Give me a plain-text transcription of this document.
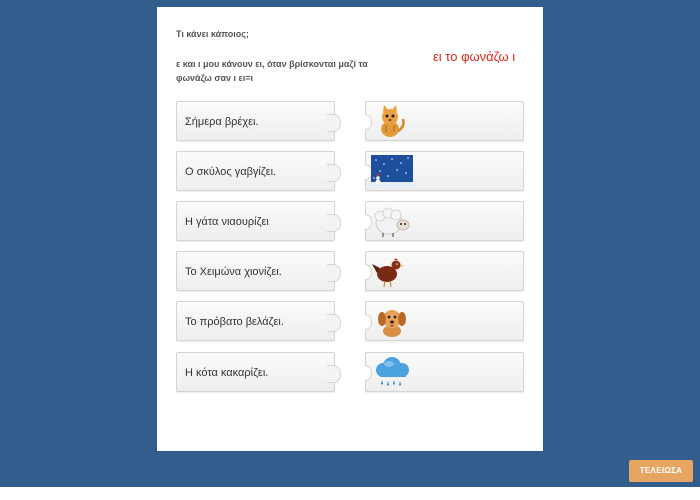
Τι κάνει κάποιος;
ε και ι μου κάνουν ει, όταν βρίσκονται μαζί τα φωνάζω σαν ι ει=ι
ει το φωνάζω ι
Σήμερα βρέχει.
Ο σκύλος γαβγίζει.
Η γάτα νιαουρίζει
Το Χειμώνα χιονίζει.
Το πρόβατο βελάζει.
Η κότα κακαρίζει.
ΤΕΛΕΙΩΣΑ
